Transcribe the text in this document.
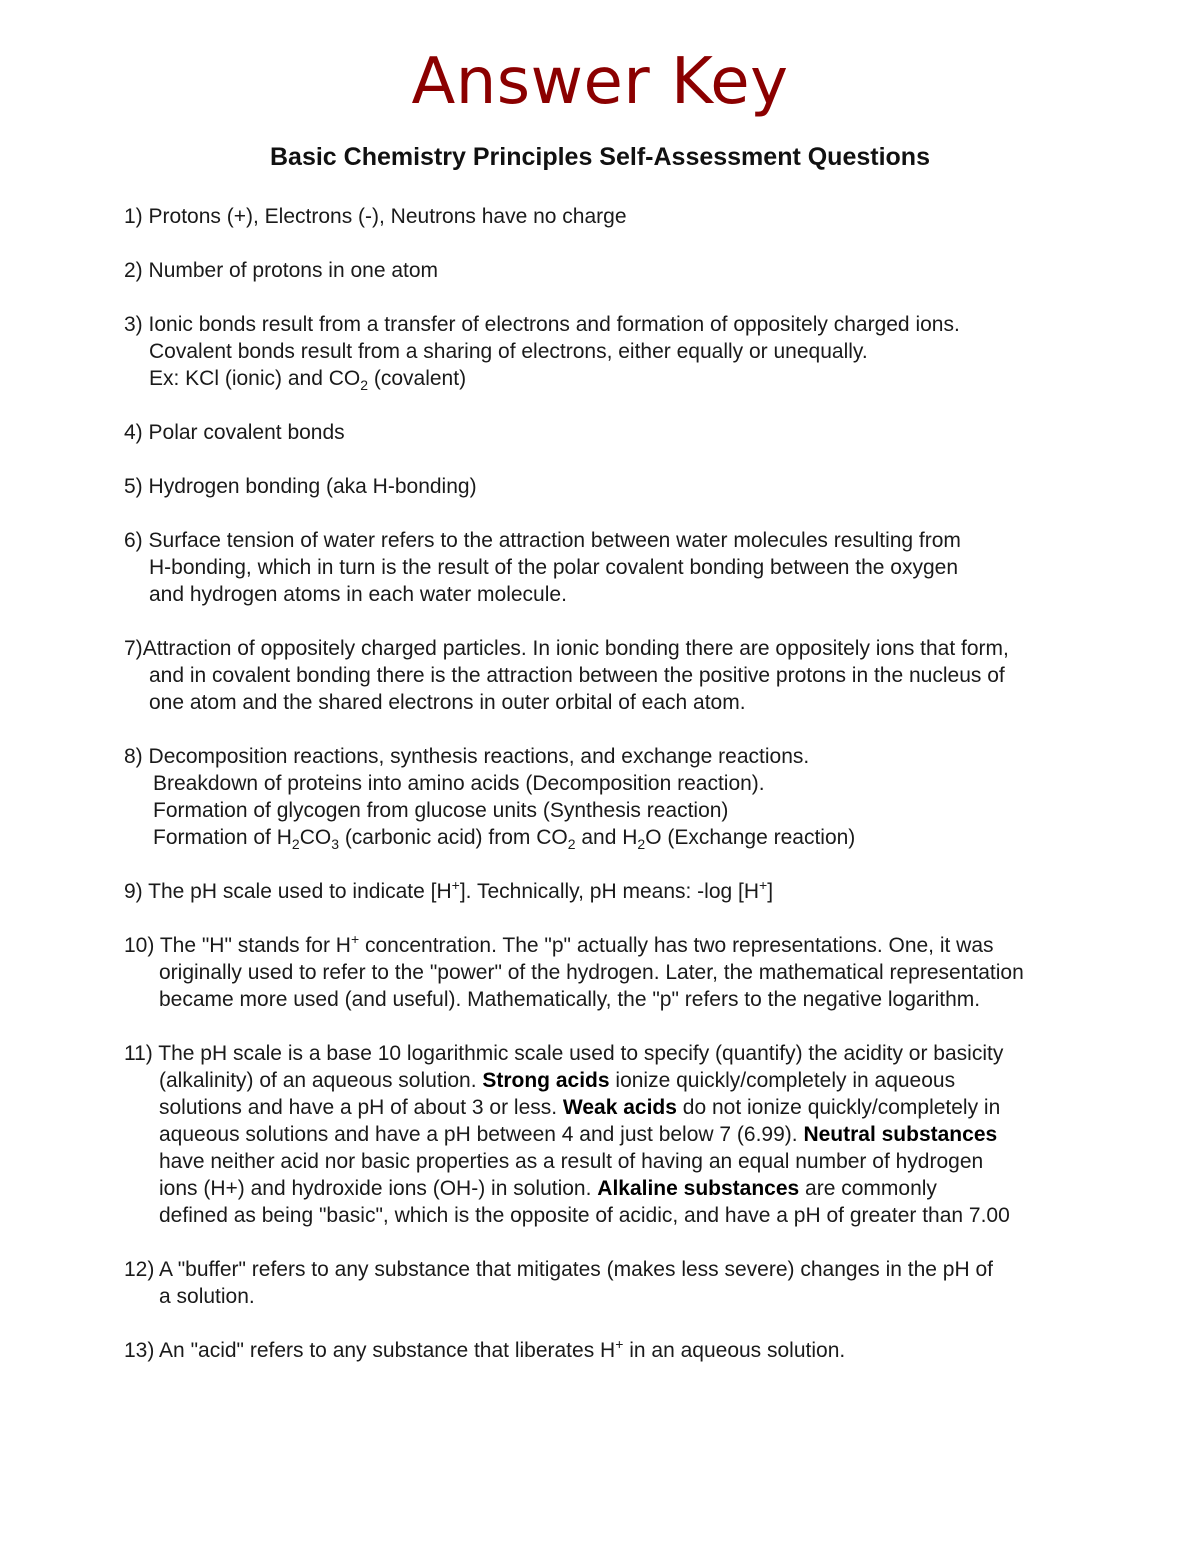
Answer Key
Basic Chemistry Principles Self-Assessment Questions
1) Protons (+), Electrons (-), Neutrons have no charge
2) Number of protons in one atom
3) Ionic bonds result from a transfer of electrons and formation of oppositely charged ions.
Covalent bonds result from a sharing of electrons, either equally or unequally.
Ex: KCl (ionic) and $CO_2$ (covalent)
4) Polar covalent bonds
5) Hydrogen bonding (aka H-bonding)
6) Surface tension of water refers to the attraction between water molecules resulting from
H-bonding, which in turn is the result of the polar covalent bonding between the oxygen
and hydrogen atoms in each water molecule.
7)Attraction of oppositely charged particles. In ionic bonding there are oppositely ions that form,
and in covalent bonding there is the attraction between the positive protons in the nucleus of
one atom and the shared electrons in outer orbital of each atom.
8) Decomposition reactions, synthesis reactions, and exchange reactions.
Breakdown of proteins into amino acids (Decomposition reaction).
Formation of glycogen from glucose units (Synthesis reaction)
Formation of $H_2CO_3$ (carbonic acid) from $CO_2$ and $H_2O$ (Exchange reaction)
9) The pH scale used to indicate [H+]. Technically, pH means: -log [H+]
10) The "H" stands for H+ concentration. The "p" actually has two representations. One, it was
originally used to refer to the "power" of the hydrogen. Later, the mathematical representation
became more used (and useful). Mathematically, the "p" refers to the negative logarithm.
11) The pH scale is a base 10 logarithmic scale used to specify (quantify) the acidity or basicity
(alkalinity) of an aqueous solution. Strong acids ionize quickly/completely in aqueous
solutions and have a pH of about 3 or less. Weak acids do not ionize quickly/completely in
aqueous solutions and have a pH between 4 and just below 7 (6.99). Neutral substances
have neither acid nor basic properties as a result of having an equal number of hydrogen
ions (H+) and hydroxide ions (OH-) in solution. Alkaline substances are commonly
defined as being "basic", which is the opposite of acidic, and have a pH of greater than 7.00
12) A "buffer" refers to any substance that mitigates (makes less severe) changes in the pH of
a solution.
13) An "acid" refers to any substance that liberates H+ in an aqueous solution.
